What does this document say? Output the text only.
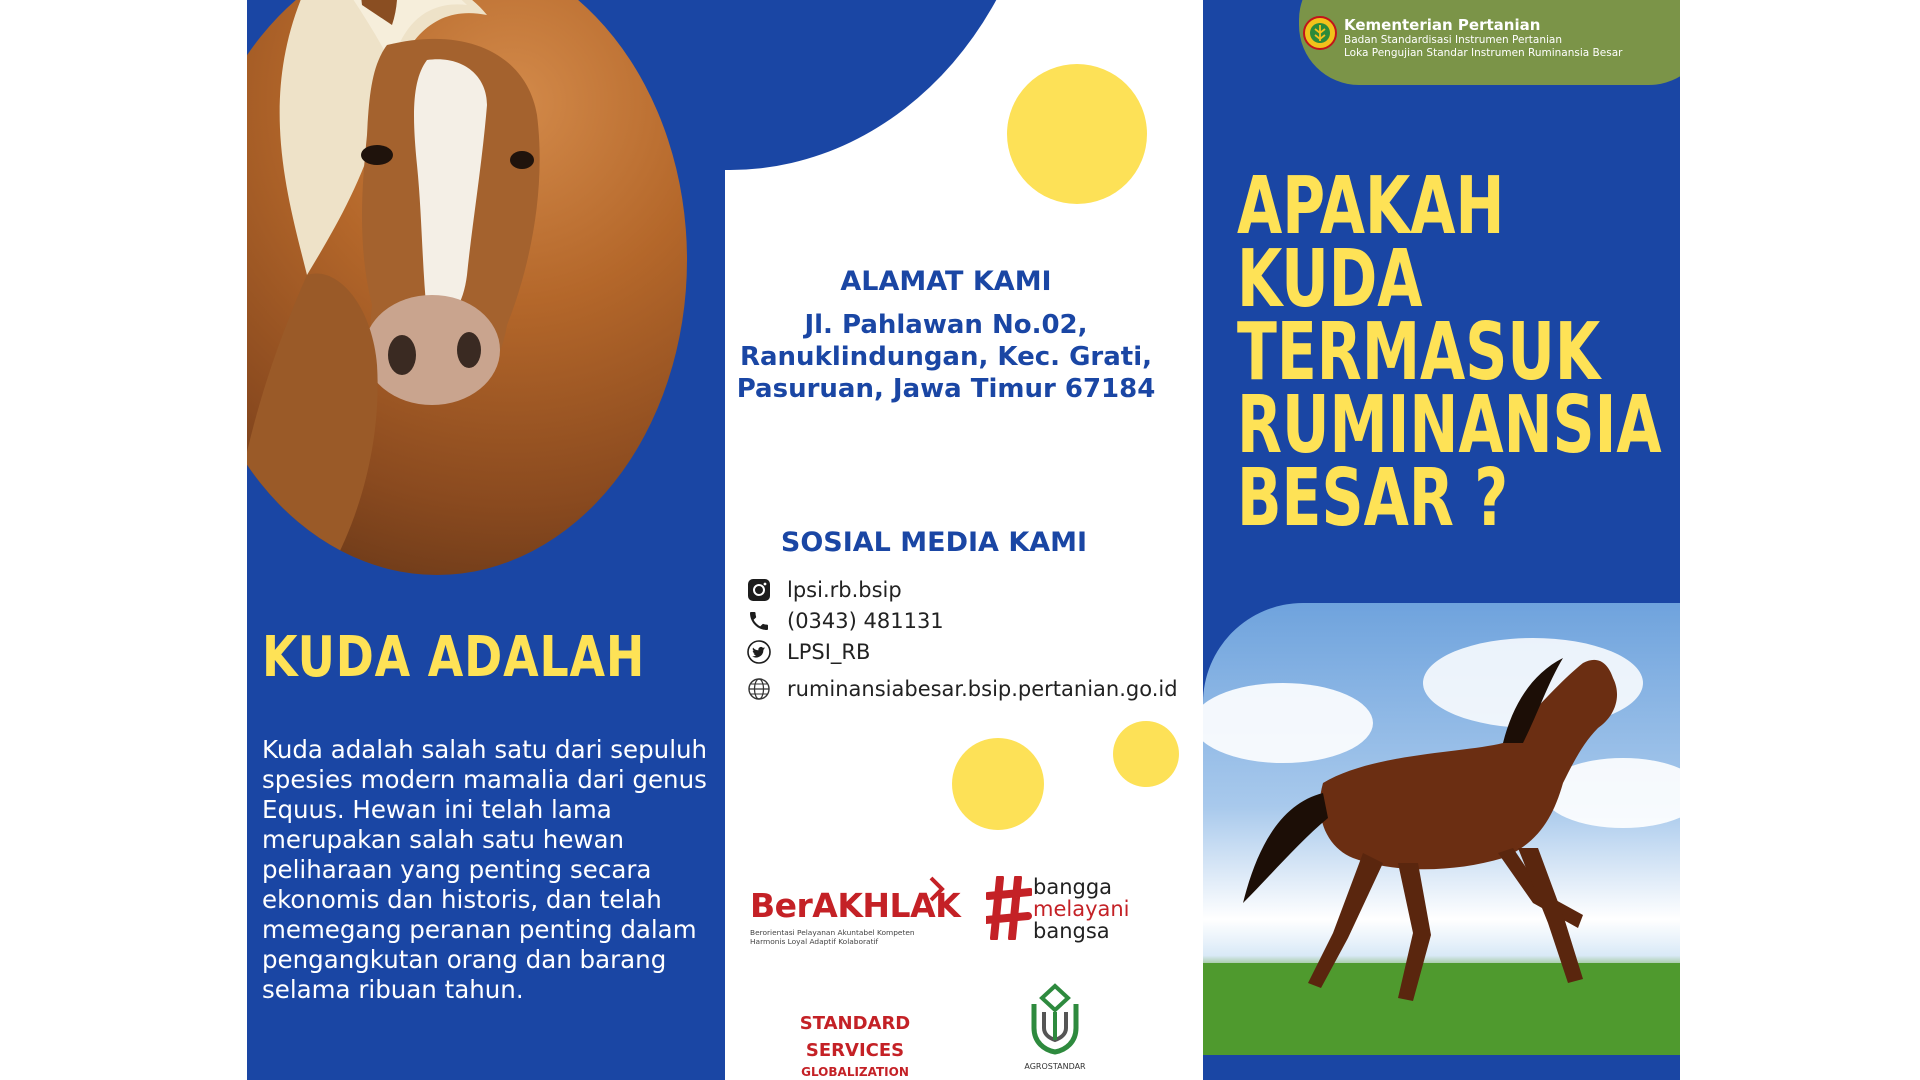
KUDA ADALAH

Kuda adalah salah satu dari sepuluh spesies modern mamalia dari genus Equus. Hewan ini telah lama merupakan salah satu hewan peliharaan yang penting secara ekonomis dan historis, dan telah memegang peranan penting dalam pengangkutan orang dan barang selama ribuan tahun.

ALAMAT KAMI
Jl. Pahlawan No.02,
Ranuklindungan, Kec. Grati,
Pasuruan, Jawa Timur 67184
SOSIAL MEDIA KAMI
lpsi.rb.bsip
(0343) 481131
LPSI_RB
ruminansiabesar.bsip.pertanian.go.id
BerAKHLAK
Berorientasi Pelayanan Akuntabel Kompeten
Harmonis Loyal Adaptif Kolaboratif
bangga
melayani
bangsa
STANDARD
SERVICES
GLOBALIZATION	AGROSTANDAR
Kementerian Pertanian
Badan Standardisasi Instrumen Pertanian
Loka Pengujian Standar Instrumen Ruminansia Besar
APAKAH
KUDA
TERMASUK
RUMINANSIA
BESAR ?
